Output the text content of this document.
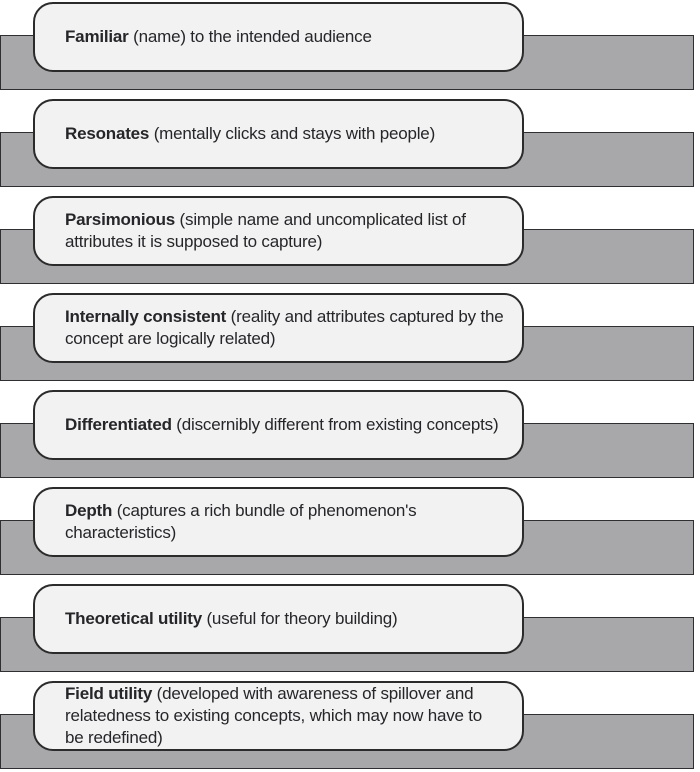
Familiar (name) to the intended audience

Resonates (mentally clicks and stays with people)

Parsimonious (simple name and uncomplicated list of attributes it is supposed to capture)

Internally consistent (reality and attributes captured by the concept are logically related)

Differentiated (discernibly different from existing concepts)

Depth (captures a rich bundle of phenomenon's characteristics)

Theoretical utility (useful for theory building)

Field utility (developed with awareness of spillover and relatedness to existing concepts, which may now have to be redefined)
